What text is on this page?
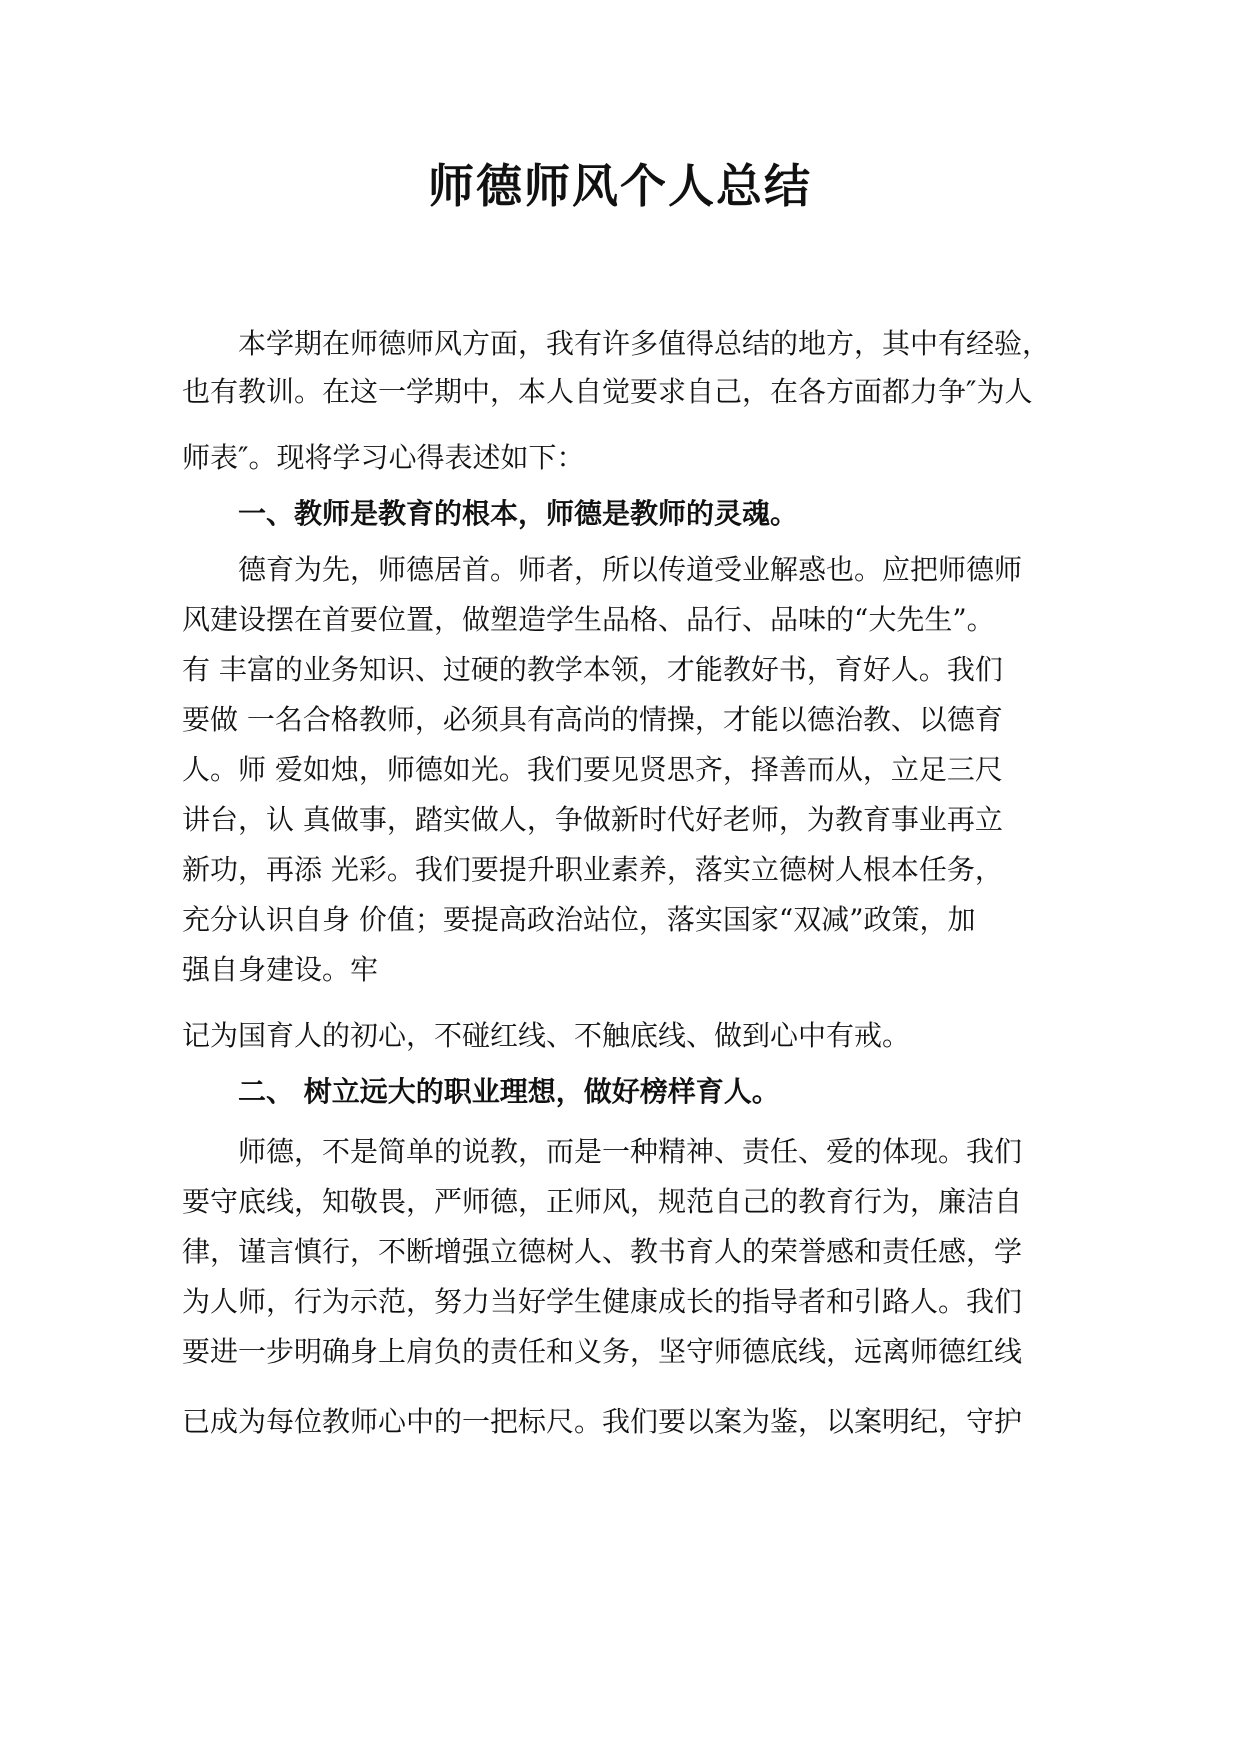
师德师风个人总结

本学期在师德师风方面，我有许多值得总结的地方，其中有经验，

也有教训。在这一学期中，本人自觉要求自己，在各方面都力争″为人

师表″。现将学习心得表述如下：

一、教师是教育的根本，师德是教师的灵魂。

德育为先，师德居首。师者，所以传道受业解惑也。应把师德师

风建设摆在首要位置，做塑造学生品格、品行、品味的“大先生”。

有 丰富的业务知识、过硬的教学本领，才能教好书，育好人。我们

要做 一名合格教师，必须具有高尚的情操，才能以德治教、以德育

人。师 爱如烛，师德如光。我们要见贤思齐，择善而从，立足三尺

讲台，认 真做事，踏实做人，争做新时代好老师，为教育事业再立

新功，再添 光彩。我们要提升职业素养，落实立德树人根本任务，

充分认识自身 价值；要提高政治站位，落实国家“双减”政策，加

强自身建设。牢

记为国育人的初心，不碰红线、不触底线、做到心中有戒。

二、 树立远大的职业理想，做好榜样育人。

师德，不是简单的说教，而是一种精神、责任、爱的体现。我们

要守底线，知敬畏，严师德，正师风，规范自己的教育行为，廉洁自

律，谨言慎行，不断增强立德树人、教书育人的荣誉感和责任感，学

为人师，行为示范，努力当好学生健康成长的指导者和引路人。我们

要进一步明确身上肩负的责任和义务，坚守师德底线，远离师德红线

已成为每位教师心中的一把标尺。我们要以案为鉴，以案明纪，守护
